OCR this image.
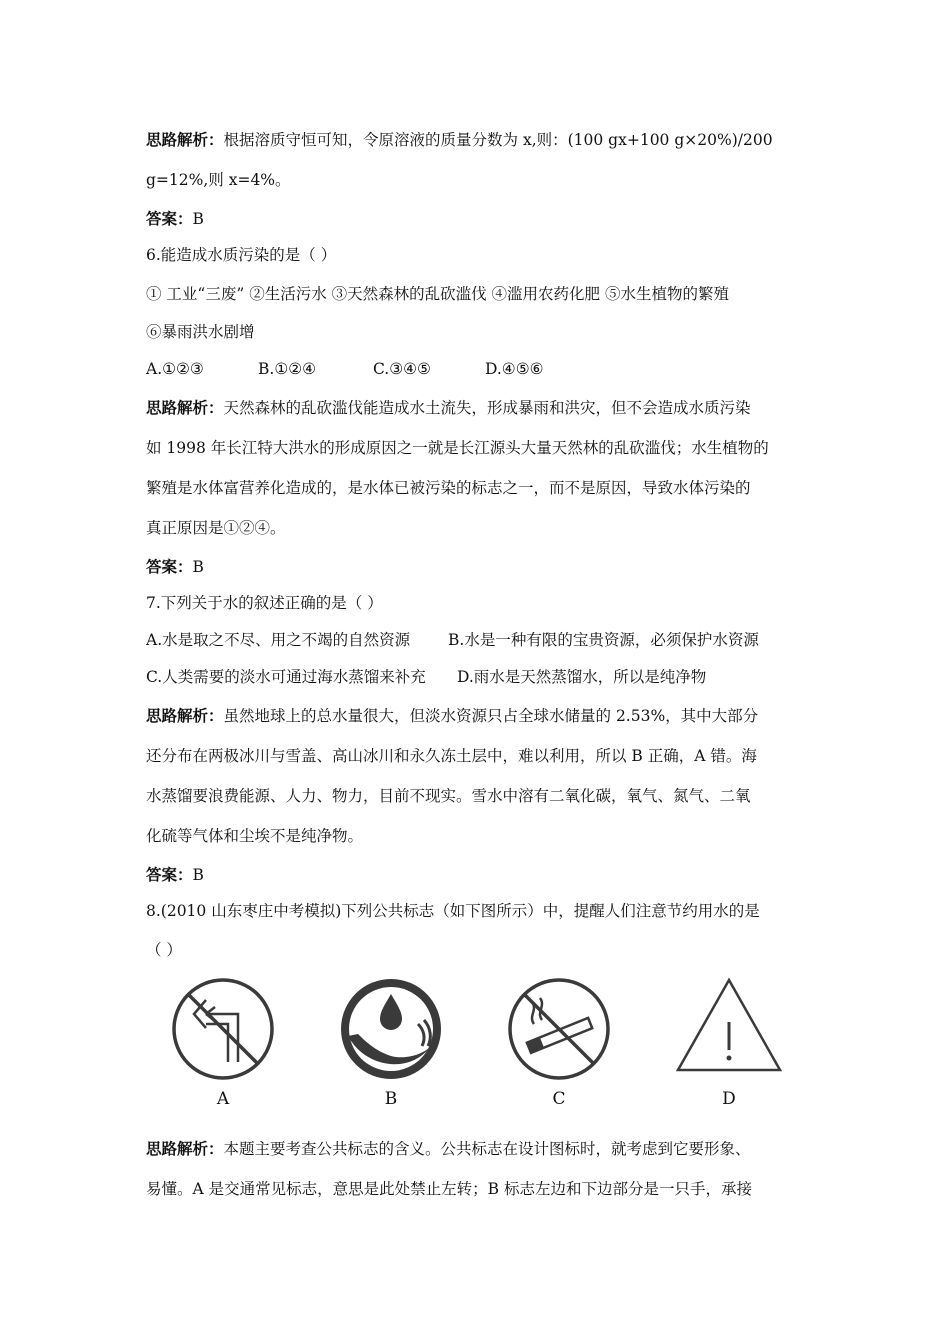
思路解析：根据溶质守恒可知，令原溶液的质量分数为 x,则：(100 gx+100 g×20%)/200
g=12%,则 x=4%。
答案：B
6.能造成水质污染的是（ ）
① 工业“三废” ②生活污水 ③天然森林的乱砍滥伐 ④滥用农药化肥 ⑤水生植物的繁殖
⑥暴雨洪水剧增
A.①②③	B.①②④	C.③④⑤	D.④⑤⑥
思路解析：天然森林的乱砍滥伐能造成水土流失，形成暴雨和洪灾，但不会造成水质污染
如 1998 年长江特大洪水的形成原因之一就是长江源头大量天然林的乱砍滥伐；水生植物的
繁殖是水体富营养化造成的，是水体已被污染的标志之一，而不是原因，导致水体污染的
真正原因是①②④。
答案：B
7.下列关于水的叙述正确的是（ ）
A.水是取之不尽、用之不竭的自然资源 B.水是一种有限的宝贵资源，必须保护水资源
C.人类需要的淡水可通过海水蒸馏来补充 D.雨水是天然蒸馏水，所以是纯净物
思路解析：虽然地球上的总水量很大，但淡水资源只占全球水储量的 2.53%，其中大部分
还分布在两极冰川与雪盖、高山冰川和永久冻土层中，难以利用，所以 B 正确，A 错。海
水蒸馏要浪费能源、人力、物力，目前不现实。雪水中溶有二氧化碳，氧气、氮气、二氧
化硫等气体和尘埃不是纯净物。
答案：B
8.(2010 山东枣庄中考模拟)下列公共标志（如下图所示）中，提醒人们注意节约用水的是
（ ）
A	B	C	D
思路解析：本题主要考查公共标志的含义。公共标志在设计图标时，就考虑到它要形象、
易懂。A 是交通常见标志，意思是此处禁止左转；B 标志左边和下边部分是一只手，承接
